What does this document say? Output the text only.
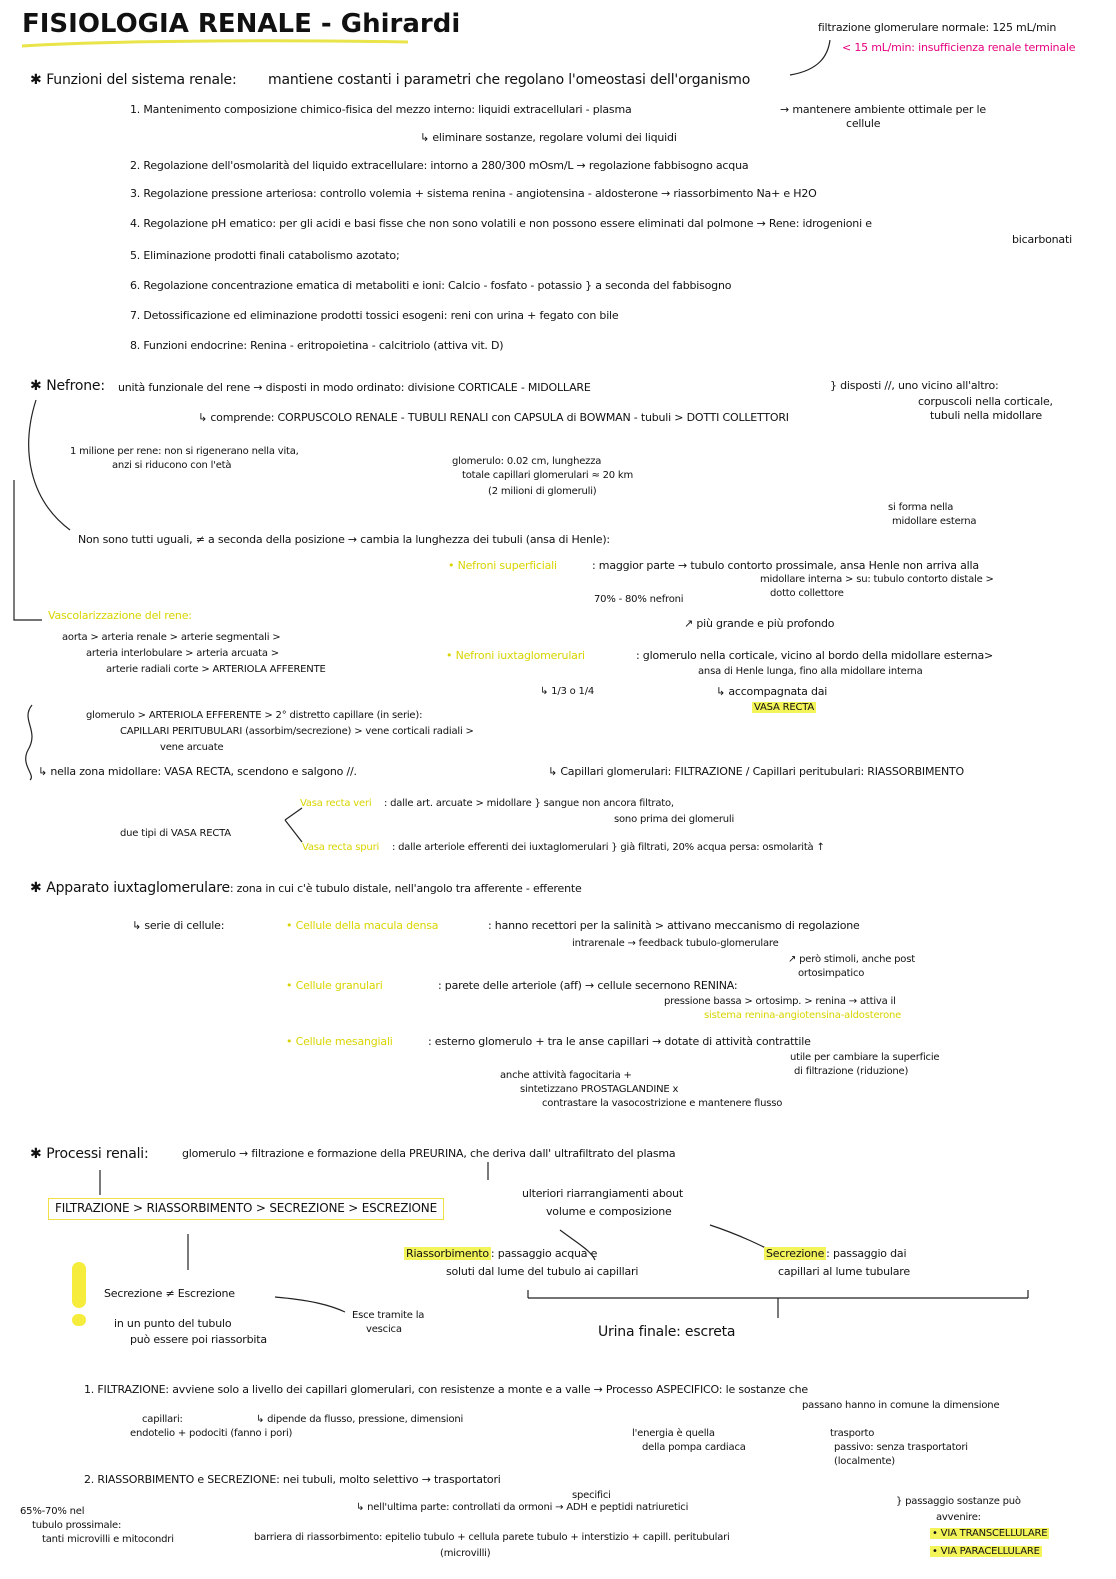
FISIOLOGIA RENALE - Ghirardi	filtrazione glomerulare normale: 125 mL/min
< 15 mL/min: insufficienza renale terminale
✱ Funzioni del sistema renale: mantiene costanti i parametri che regolano l'omeostasi dell'organismo
1. Mantenimento composizione chimico-fisica del mezzo interno: liquidi extracellulari - plasma	→ mantenere ambiente ottimale per le
cellule
↳ eliminare sostanze, regolare volumi dei liquidi
2. Regolazione dell'osmolarità del liquido extracellulare: intorno a 280/300 mOsm/L → regolazione fabbisogno acqua
3. Regolazione pressione arteriosa: controllo volemia + sistema renina - angiotensina - aldosterone → riassorbimento Na+ e H2O
4. Regolazione pH ematico: per gli acidi e basi fisse che non sono volatili e non possono essere eliminati dal polmone → Rene: idrogenioni e
bicarbonati
5. Eliminazione prodotti finali catabolismo azotato;
6. Regolazione concentrazione ematica di metaboliti e ioni: Calcio - fosfato - potassio } a seconda del fabbisogno
7. Detossificazione ed eliminazione prodotti tossici esogeni: reni con urina + fegato con bile
8. Funzioni endocrine: Renina - eritropoietina - calcitriolo (attiva vit. D)
✱ Nefrone: unità funzionale del rene → disposti in modo ordinato: divisione CORTICALE - MIDOLLARE	} disposti //, uno vicino all'altro:
corpuscoli nella corticale,
tubuli nella midollare
↳ comprende: CORPUSCOLO RENALE - TUBULI RENALI con CAPSULA di BOWMAN - tubuli > DOTTI COLLETTORI
1 milione per rene: non si rigenerano nella vita,
anzi si riducono con l'età	glomerulo: 0.02 cm, lunghezza
totale capillari glomerulari ≈ 20 km
(2 milioni di glomeruli)
si forma nella
midollare esterna
Non sono tutti uguali, ≠ a seconda della posizione → cambia la lunghezza dei tubuli (ansa di Henle):
• Nefroni superficiali	: maggior parte → tubulo contorto prossimale, ansa Henle non arriva alla
midollare interna > su: tubulo contorto distale >
dotto collettore
70% - 80% nefroni
↗ più grande e più profondo
• Nefroni iuxtaglomerulari	: glomerulo nella corticale, vicino al bordo della midollare esterna>
ansa di Henle lunga, fino alla midollare interna
↳ accompagnata dai
VASA RECTA
↳ 1/3 o 1/4
↳ Capillari glomerulari: FILTRAZIONE / Capillari peritubulari: RIASSORBIMENTO
Vascolarizzazione del rene:
aorta > arteria renale > arterie segmentali >
arteria interlobulare > arteria arcuata >
arterie radiali corte > ARTERIOLA AFFERENTE
glomerulo > ARTERIOLA EFFERENTE > 2° distretto capillare (in serie):
CAPILLARI PERITUBULARI (assorbim/secrezione) > vene corticali radiali >
vene arcuate
↳ nella zona midollare: VASA RECTA, scendono e salgono //.
due tipi di VASA RECTA
Vasa recta veri : dalle art. arcuate > midollare } sangue non ancora filtrato,
sono prima dei glomeruli
Vasa recta spuri : dalle arteriole efferenti dei iuxtaglomerulari } già filtrati, 20% acqua persa: osmolarità ↑
✱ Apparato iuxtaglomerulare: zona in cui c'è tubulo distale, nell'angolo tra afferente - efferente
↳ serie di cellule:	• Cellule della macula densa	: hanno recettori per la salinità > attivano meccanismo di regolazione
intrarenale → feedback tubulo-glomerulare
↗ però stimoli, anche post
ortosimpatico
• Cellule granulari	: parete delle arteriole (aff) → cellule secernono RENINA:
pressione bassa > ortosimp. > renina → attiva il
sistema renina-angiotensina-aldosterone
• Cellule mesangiali	: esterno glomerulo + tra le anse capillari → dotate di attività contrattile
utile per cambiare la superficie
di filtrazione (riduzione)
anche attività fagocitaria +
sintetizzano PROSTAGLANDINE x
contrastare la vasocostrizione e mantenere flusso
✱ Processi renali:	glomerulo → filtrazione e formazione della PREURINA, che deriva dall' ultrafiltrato del plasma
FILTRAZIONE > RIASSORBIMENTO > SECREZIONE > ESCREZIONE
ulteriori riarrangiamenti about
volume e composizione
Riassorbimento : passaggio acqua e
soluti dal lume del tubulo ai capillari
Secrezione : passaggio dai
capillari al lume tubulare
Urina finale: escreta
Secrezione ≠ Escrezione
in un punto del tubulo
può essere poi riassorbita
Esce tramite la
vescica
1. FILTRAZIONE: avviene solo a livello dei capillari glomerulari, con resistenze a monte e a valle → Processo ASPECIFICO: le sostanze che
passano hanno in comune la dimensione
capillari:
endotelio + podociti (fanno i pori)
↳ dipende da flusso, pressione, dimensioni
l'energia è quella
della pompa cardiaca
trasporto
passivo: senza trasportatori
(localmente)
2. RIASSORBIMENTO e SECREZIONE: nei tubuli, molto selettivo → trasportatori
specifici
65%-70% nel
tubulo prossimale:
tanti microvilli e mitocondri
↳ nell'ultima parte: controllati da ormoni → ADH e peptidi natriuretici
barriera di riassorbimento: epitelio tubulo + cellula parete tubulo + interstizio + capill. peritubulari
(microvilli)
} passaggio sostanze può
avvenire:
• VIA TRANSCELLULARE
• VIA PARACELLULARE
